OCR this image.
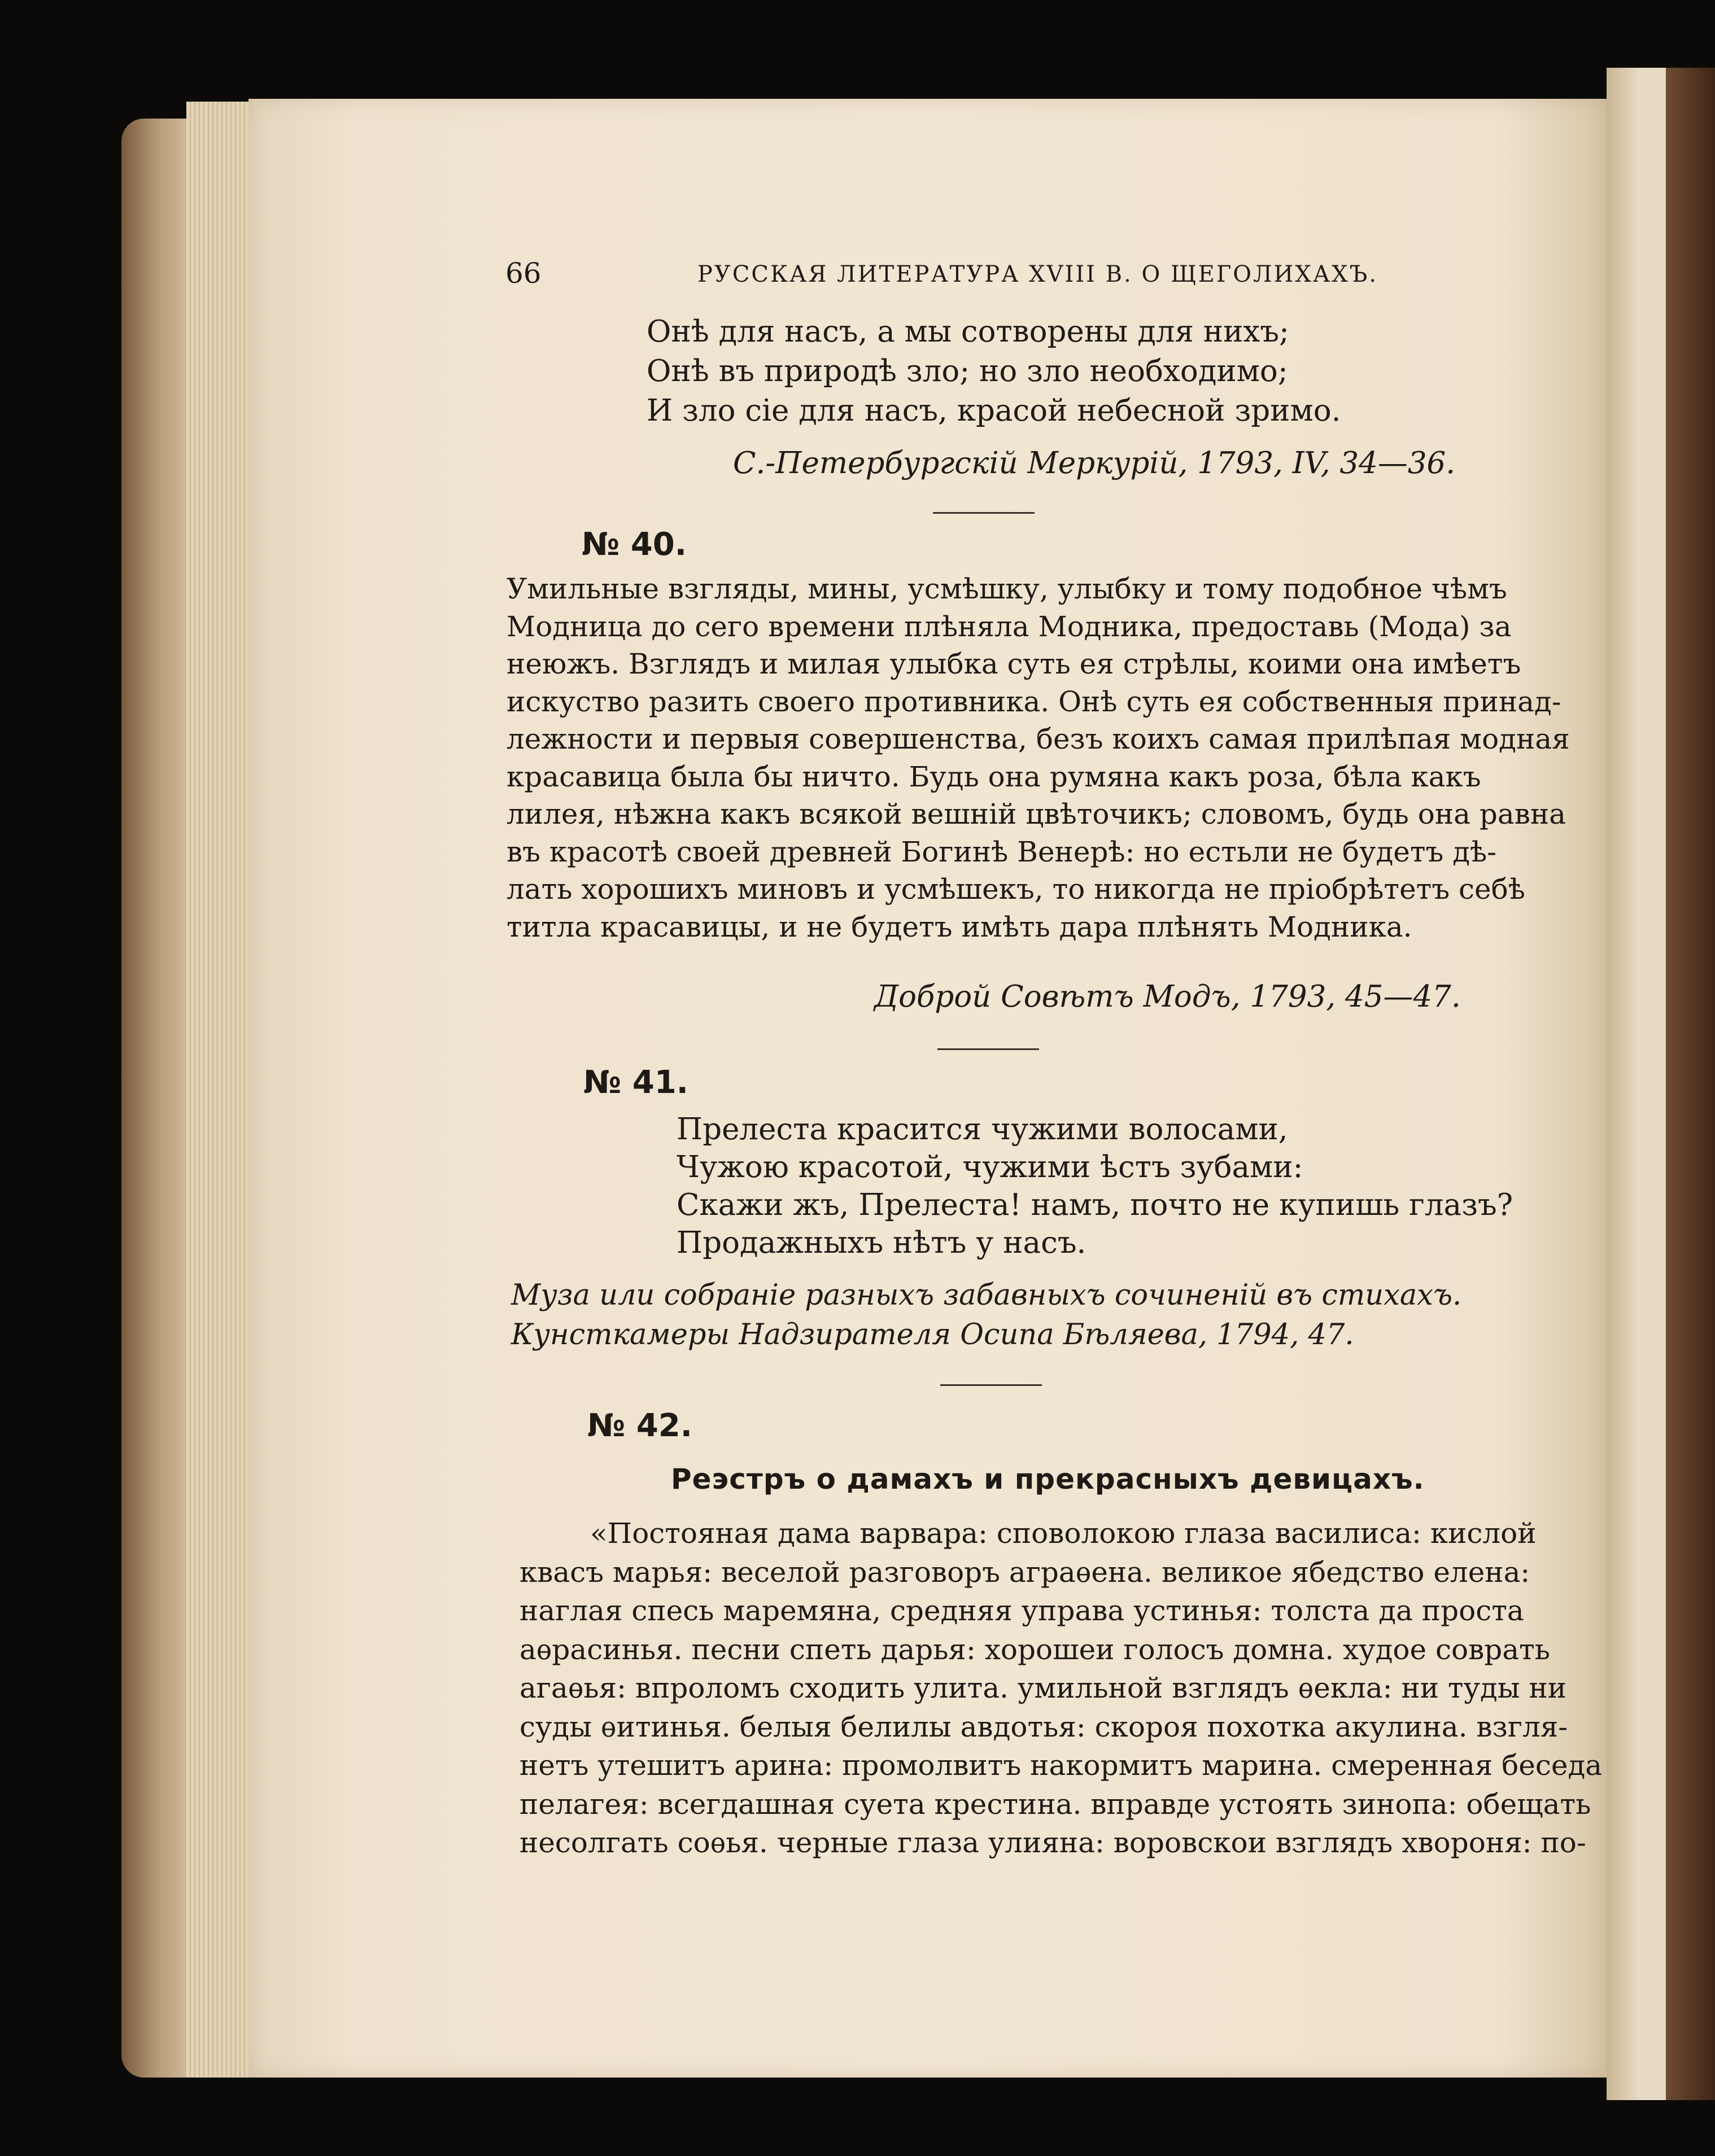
66	РУССКАЯ ЛИТЕРАТУРА XVIII В. О ЩЕГОЛИХАХЪ.
Онѣ для насъ, а мы сотворены для нихъ;
Онѣ въ природѣ зло; но зло необходимо;
И зло сіе для насъ, красой небесной зримо.
С.-Петербургскій Меркурій, 1793, IV, 34—36.
№ 40.
Умильные взгляды, мины, усмѣшку, улыбку и тому подобное чѣмъ
Модница до сего времени плѣняла Модника, предоставь (Мода) за
неюжъ. Взглядъ и милая улыбка суть ея стрѣлы, коими она имѣетъ
искуство разить своего противника. Онѣ суть ея собственныя принад-
лежности и первыя совершенства, безъ коихъ самая прилѣпая модная
красавица была бы ничто. Будь она румяна какъ роза, бѣла какъ
лилея, нѣжна какъ всякой вешній цвѣточикъ; словомъ, будь она равна
въ красотѣ своей древней Богинѣ Венерѣ: но естьли не будетъ дѣ-
лать хорошихъ миновъ и усмѣшекъ, то никогда не пріобрѣтетъ себѣ
титла красавицы, и не будетъ имѣть дара плѣнять Модника.
Доброй Совѣтъ Модъ, 1793, 45—47.
№ 41.
Прелеста красится чужими волосами,
Чужою красотой, чужими ѣстъ зубами:
Скажи жъ, Прелеста! намъ, почто не купишь глазъ?
Продажныхъ нѣтъ у насъ.
Муза или собраніе разныхъ забавныхъ сочиненій въ стихахъ.
Кунсткамеры Надзирателя Осипа Бѣляева, 1794, 47.
№ 42.
Реэстръ о дамахъ и прекрасныхъ девицахъ.
«Постояная дама варвара: споволокою глаза василиса: кислой
квасъ марья: веселой разговоръ аграѳена. великое ябедство елена:
наглая спесь маремяна, средняя управа устинья: толста да проста
аѳрасинья. песни спеть дарья: хорошеи голосъ домна. худое соврать
агаѳья: впроломъ сходить улита. умильной взглядъ ѳекла: ни туды ни
суды ѳитинья. белыя белилы авдотья: скороя похотка акулина. взгля-
нетъ утешитъ арина: промолвитъ накормитъ марина. смеренная беседа
пелагея: всегдашная суета крестина. вправде устоять зинопа: обещать
несолгать соѳья. черные глаза улияна: воровскои взглядъ хвороня: по-
